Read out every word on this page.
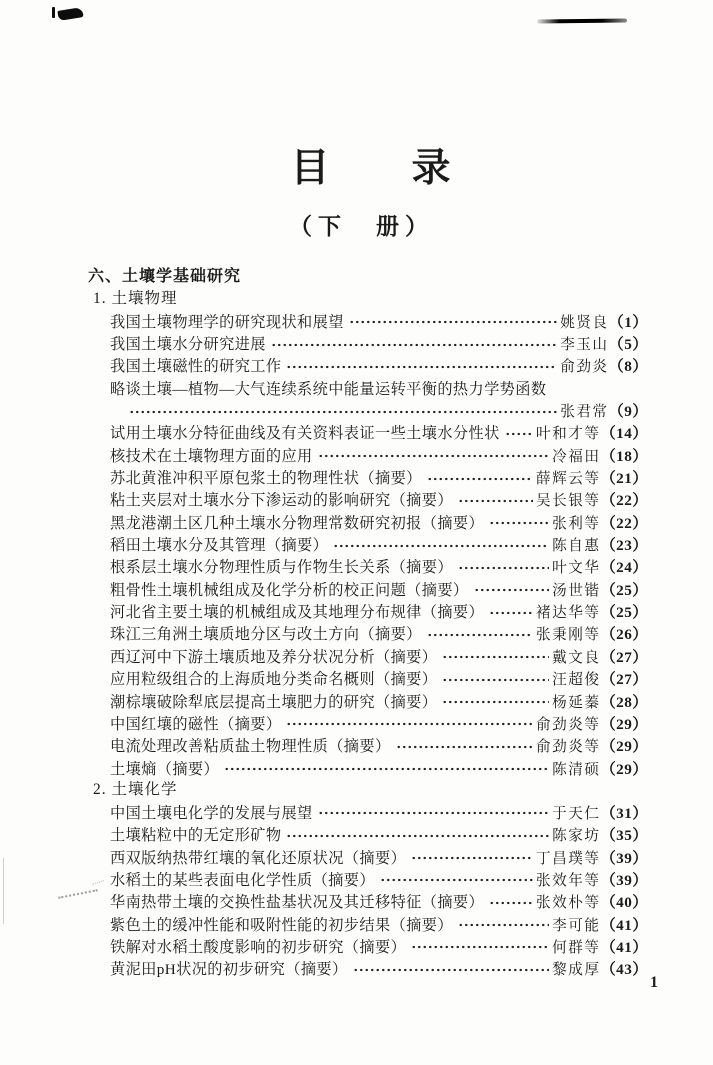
目 录
（下　册）
六、土壤学基础研究
1. 土壤物理
我国土壤物理学的研究现状和展望	姚贤良（1）
我国土壤水分研究进展	李玉山（5）
我国土壤磁性的研究工作	俞劲炎（8）
略谈土壤—植物—大气连续系统中能量运转平衡的热力学势函数
张君常（9）
试用土壤水分特征曲线及有关资料表证一些土壤水分性状 叶和才等（14）
核技术在土壤物理方面的应用	冷福田（18）
苏北黄淮冲积平原包浆土的物理性状（摘要）	薛辉云等（21）
粘土夹层对土壤水分下渗运动的影响研究（摘要）	吴长银等（22）
黑龙港潮土区几种土壤水分物理常数研究初报（摘要）	张利等（22）
稻田土壤水分及其管理（摘要）	陈自惠（23）
根系层土壤水分物理性质与作物生长关系（摘要）	叶文华（24）
粗骨性土壤机械组成及化学分析的校正问题（摘要）	汤世锴（25）
河北省主要土壤的机械组成及其地理分布规律（摘要）	褚达华等（25）
珠江三角洲土壤质地分区与改土方向（摘要）	张秉刚等（26）
西辽河中下游土壤质地及养分状况分析（摘要）	戴文良（27）
应用粒级组合的上海质地分类命名概则（摘要）	汪超俊（27）
潮棕壤破除犁底层提高土壤肥力的研究（摘要）	杨延蓁（28）
中国红壤的磁性（摘要）	俞劲炎等（29）
电流处理改善粘质盐土物理性质（摘要）	俞劲炎等（29）
土壤熵（摘要）	陈清硕（29）
2. 土壤化学
中国土壤电化学的发展与展望	于天仁（31）
土壤粘粒中的无定形矿物	陈家坊（35）
西双版纳热带红壤的氧化还原状况（摘要）	丁昌璞等（39）
水稻土的某些表面电化学性质（摘要）	张效年等（39）
华南热带土壤的交换性盐基状况及其迁移特征（摘要）	张效朴等（40）
紫色土的缓冲性能和吸附性能的初步结果（摘要）	李可能（41）
铁解对水稻土酸度影响的初步研究（摘要）	何群等（41）
黄泥田pH状况的初步研究（摘要）	黎成厚（43）
1
